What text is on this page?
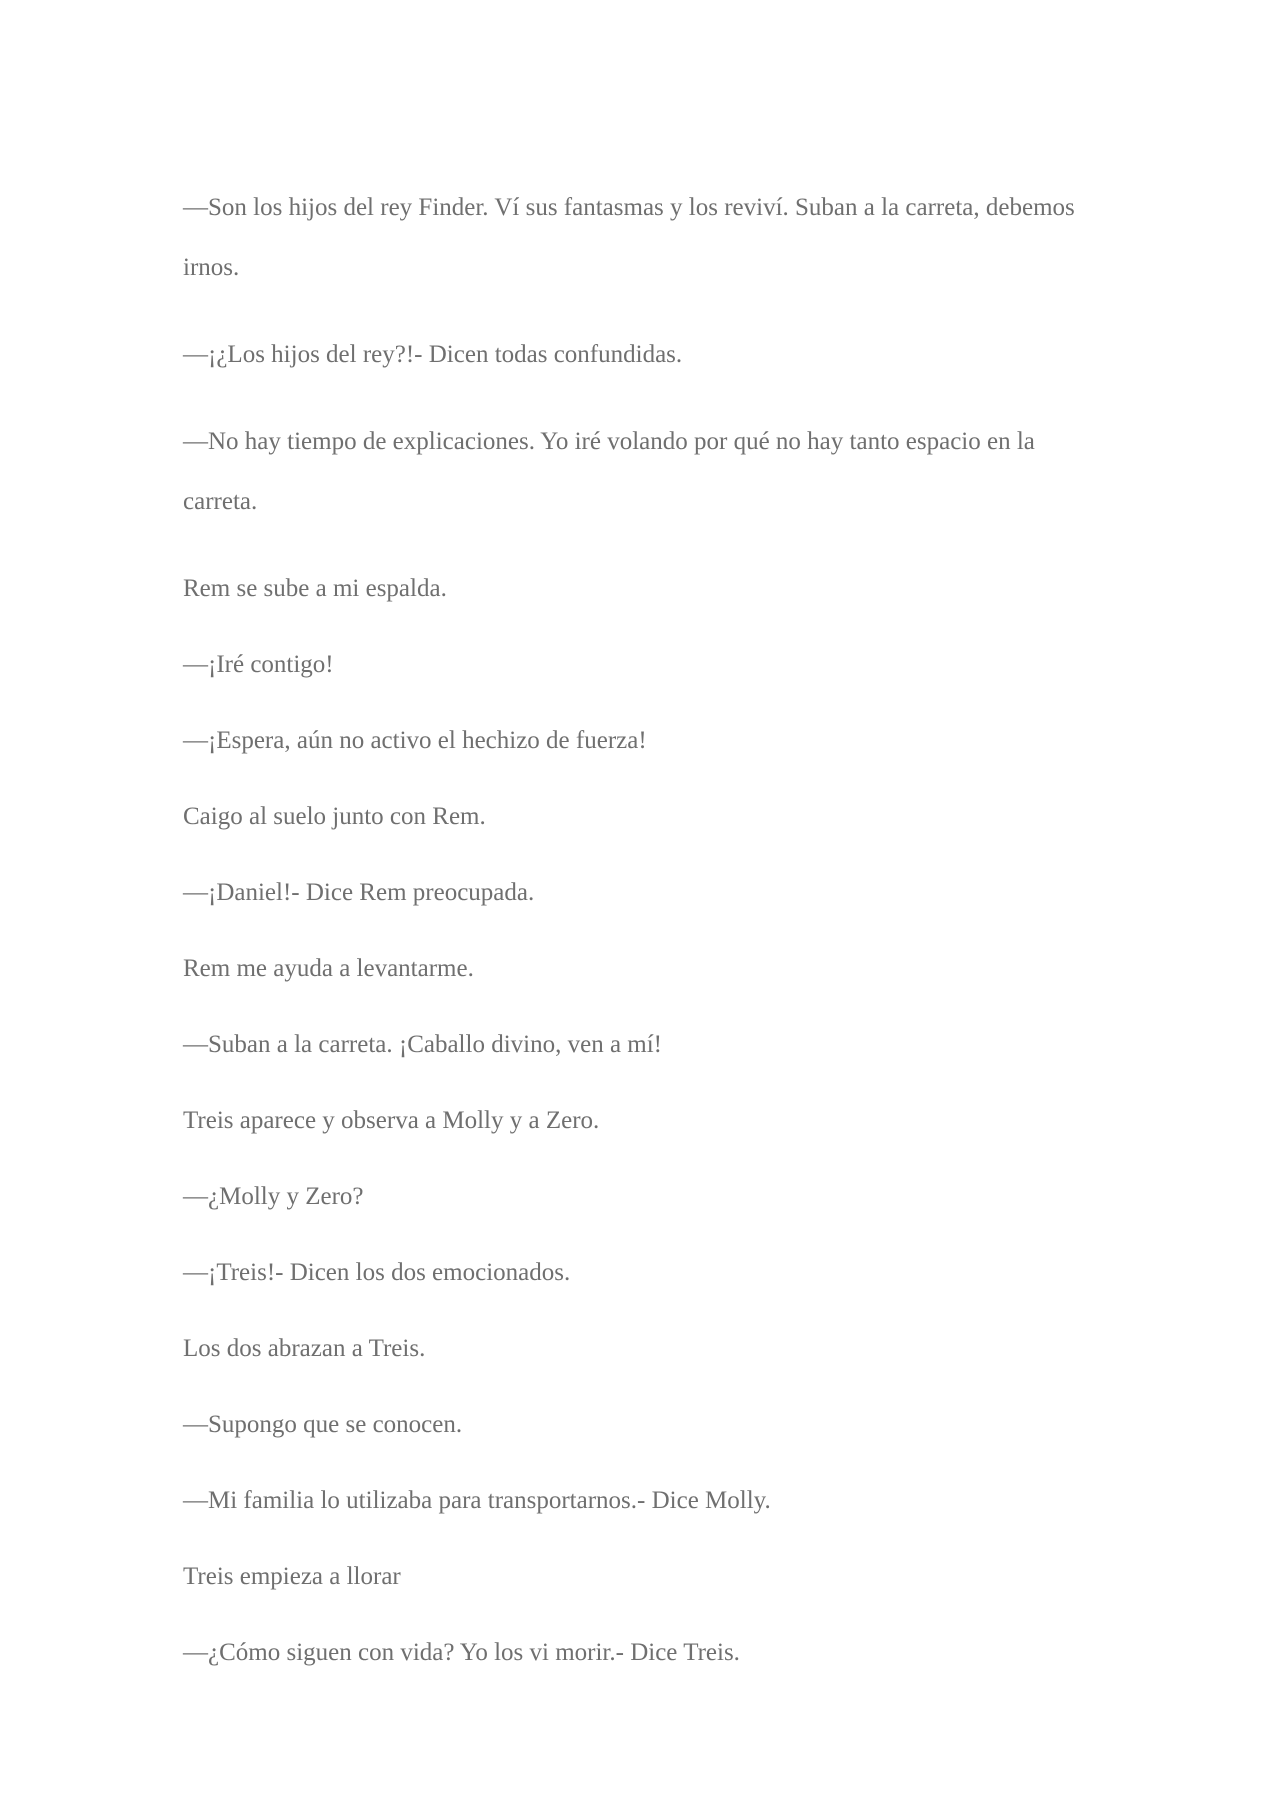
—Son los hijos del rey Finder. Ví sus fantasmas y los reviví. Suban a la carreta, debemos irnos.

—¡¿Los hijos del rey?!- Dicen todas confundidas.

—No hay tiempo de explicaciones. Yo iré volando por qué no hay tanto espacio en la carreta.

Rem se sube a mi espalda.

—¡Iré contigo!

—¡Espera, aún no activo el hechizo de fuerza!

Caigo al suelo junto con Rem.

—¡Daniel!- Dice Rem preocupada.

Rem me ayuda a levantarme.

—Suban a la carreta. ¡Caballo divino, ven a mí!

Treis aparece y observa a Molly y a Zero.

—¿Molly y Zero?

—¡Treis!- Dicen los dos emocionados.

Los dos abrazan a Treis.

—Supongo que se conocen.

—Mi familia lo utilizaba para transportarnos.- Dice Molly.

Treis empieza a llorar

—¿Cómo siguen con vida? Yo los vi morir.- Dice Treis.
